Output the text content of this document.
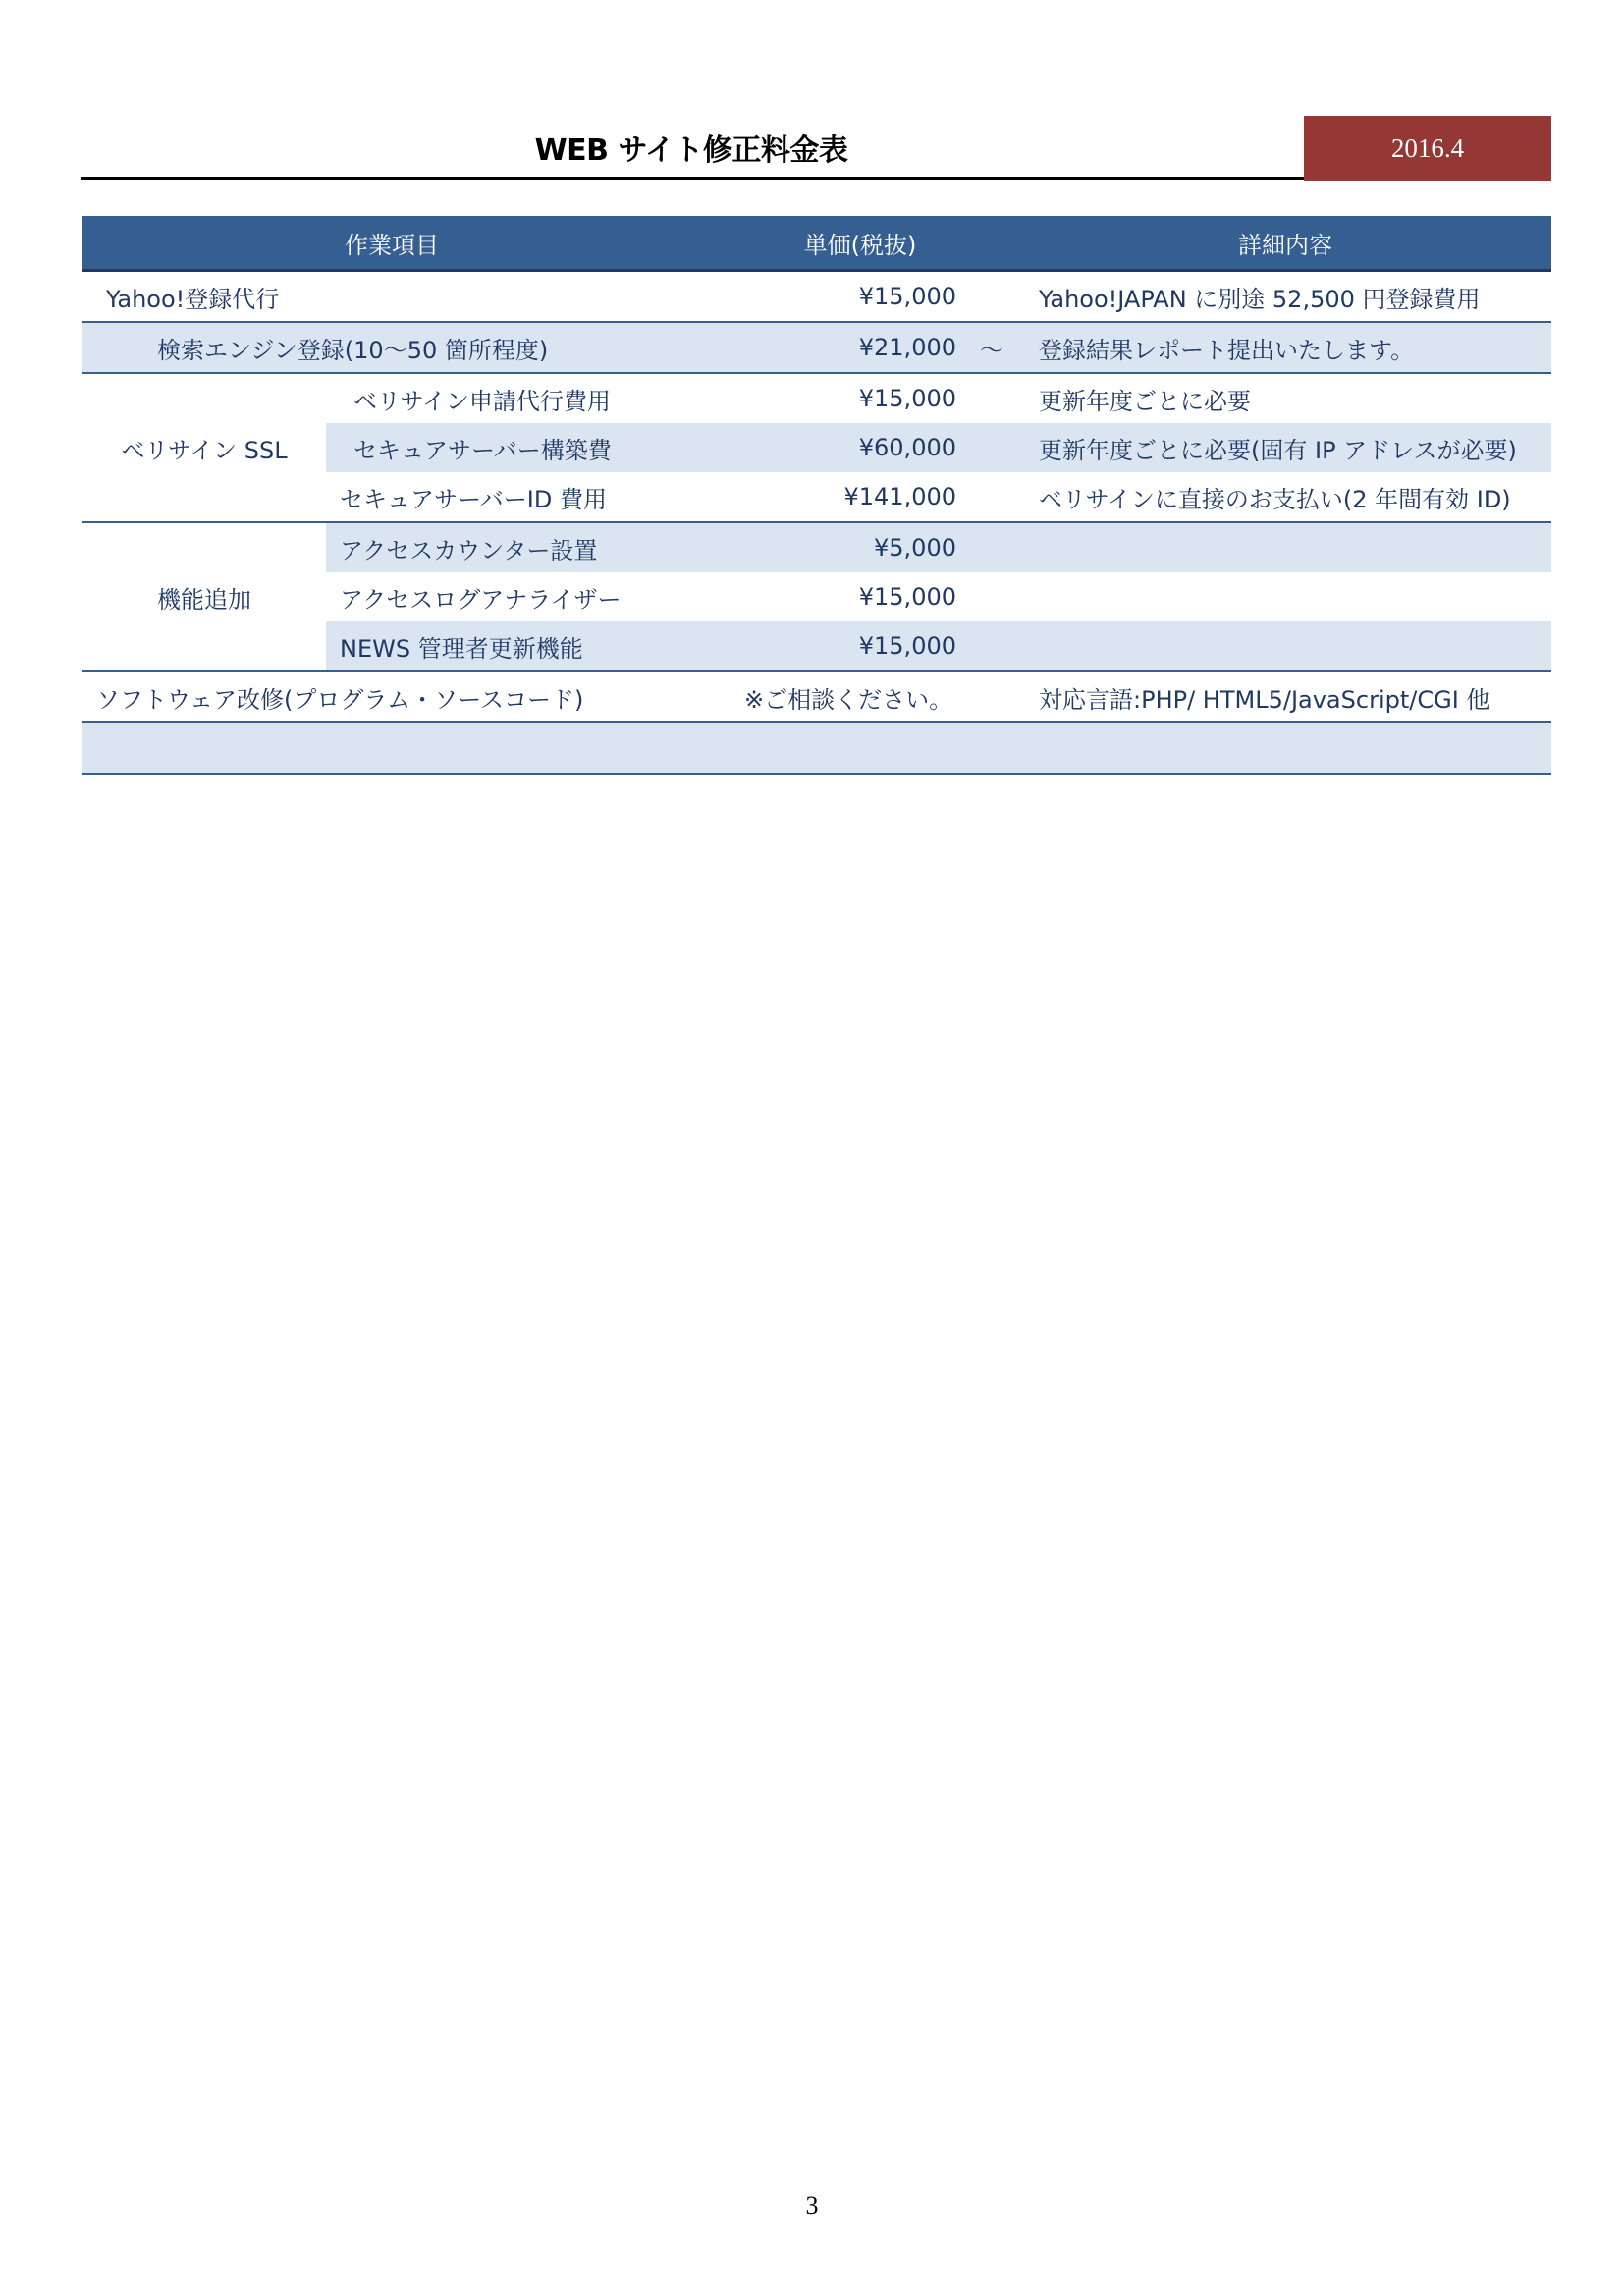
WEB サイト修正料金表	2016.4
作業項目		単価(税抜)		詳細内容
Yahoo!登録代行		¥15,000		Yahoo!JAPAN に別途 52,500 円登録費用
検索エンジン登録(10～50 箇所程度)		¥21,000	～	登録結果レポート提出いたします。
ベリサイン SSL	ベリサイン申請代行費用	¥15,000		更新年度ごとに必要
	セキュアサーバー構築費	¥60,000		更新年度ごとに必要(固有 IP アドレスが必要)
	セキュアサーバーID 費用	¥141,000		ベリサインに直接のお支払い(2 年間有効 ID)
機能追加	アクセスカウンター設置	¥5,000		
	アクセスログアナライザー	¥15,000		
	NEWS 管理者更新機能	¥15,000		
ソフトウェア改修(プログラム・ソースコード)		※ご相談ください。		対応言語:PHP/ HTML5/JavaScript/CGI 他

3
